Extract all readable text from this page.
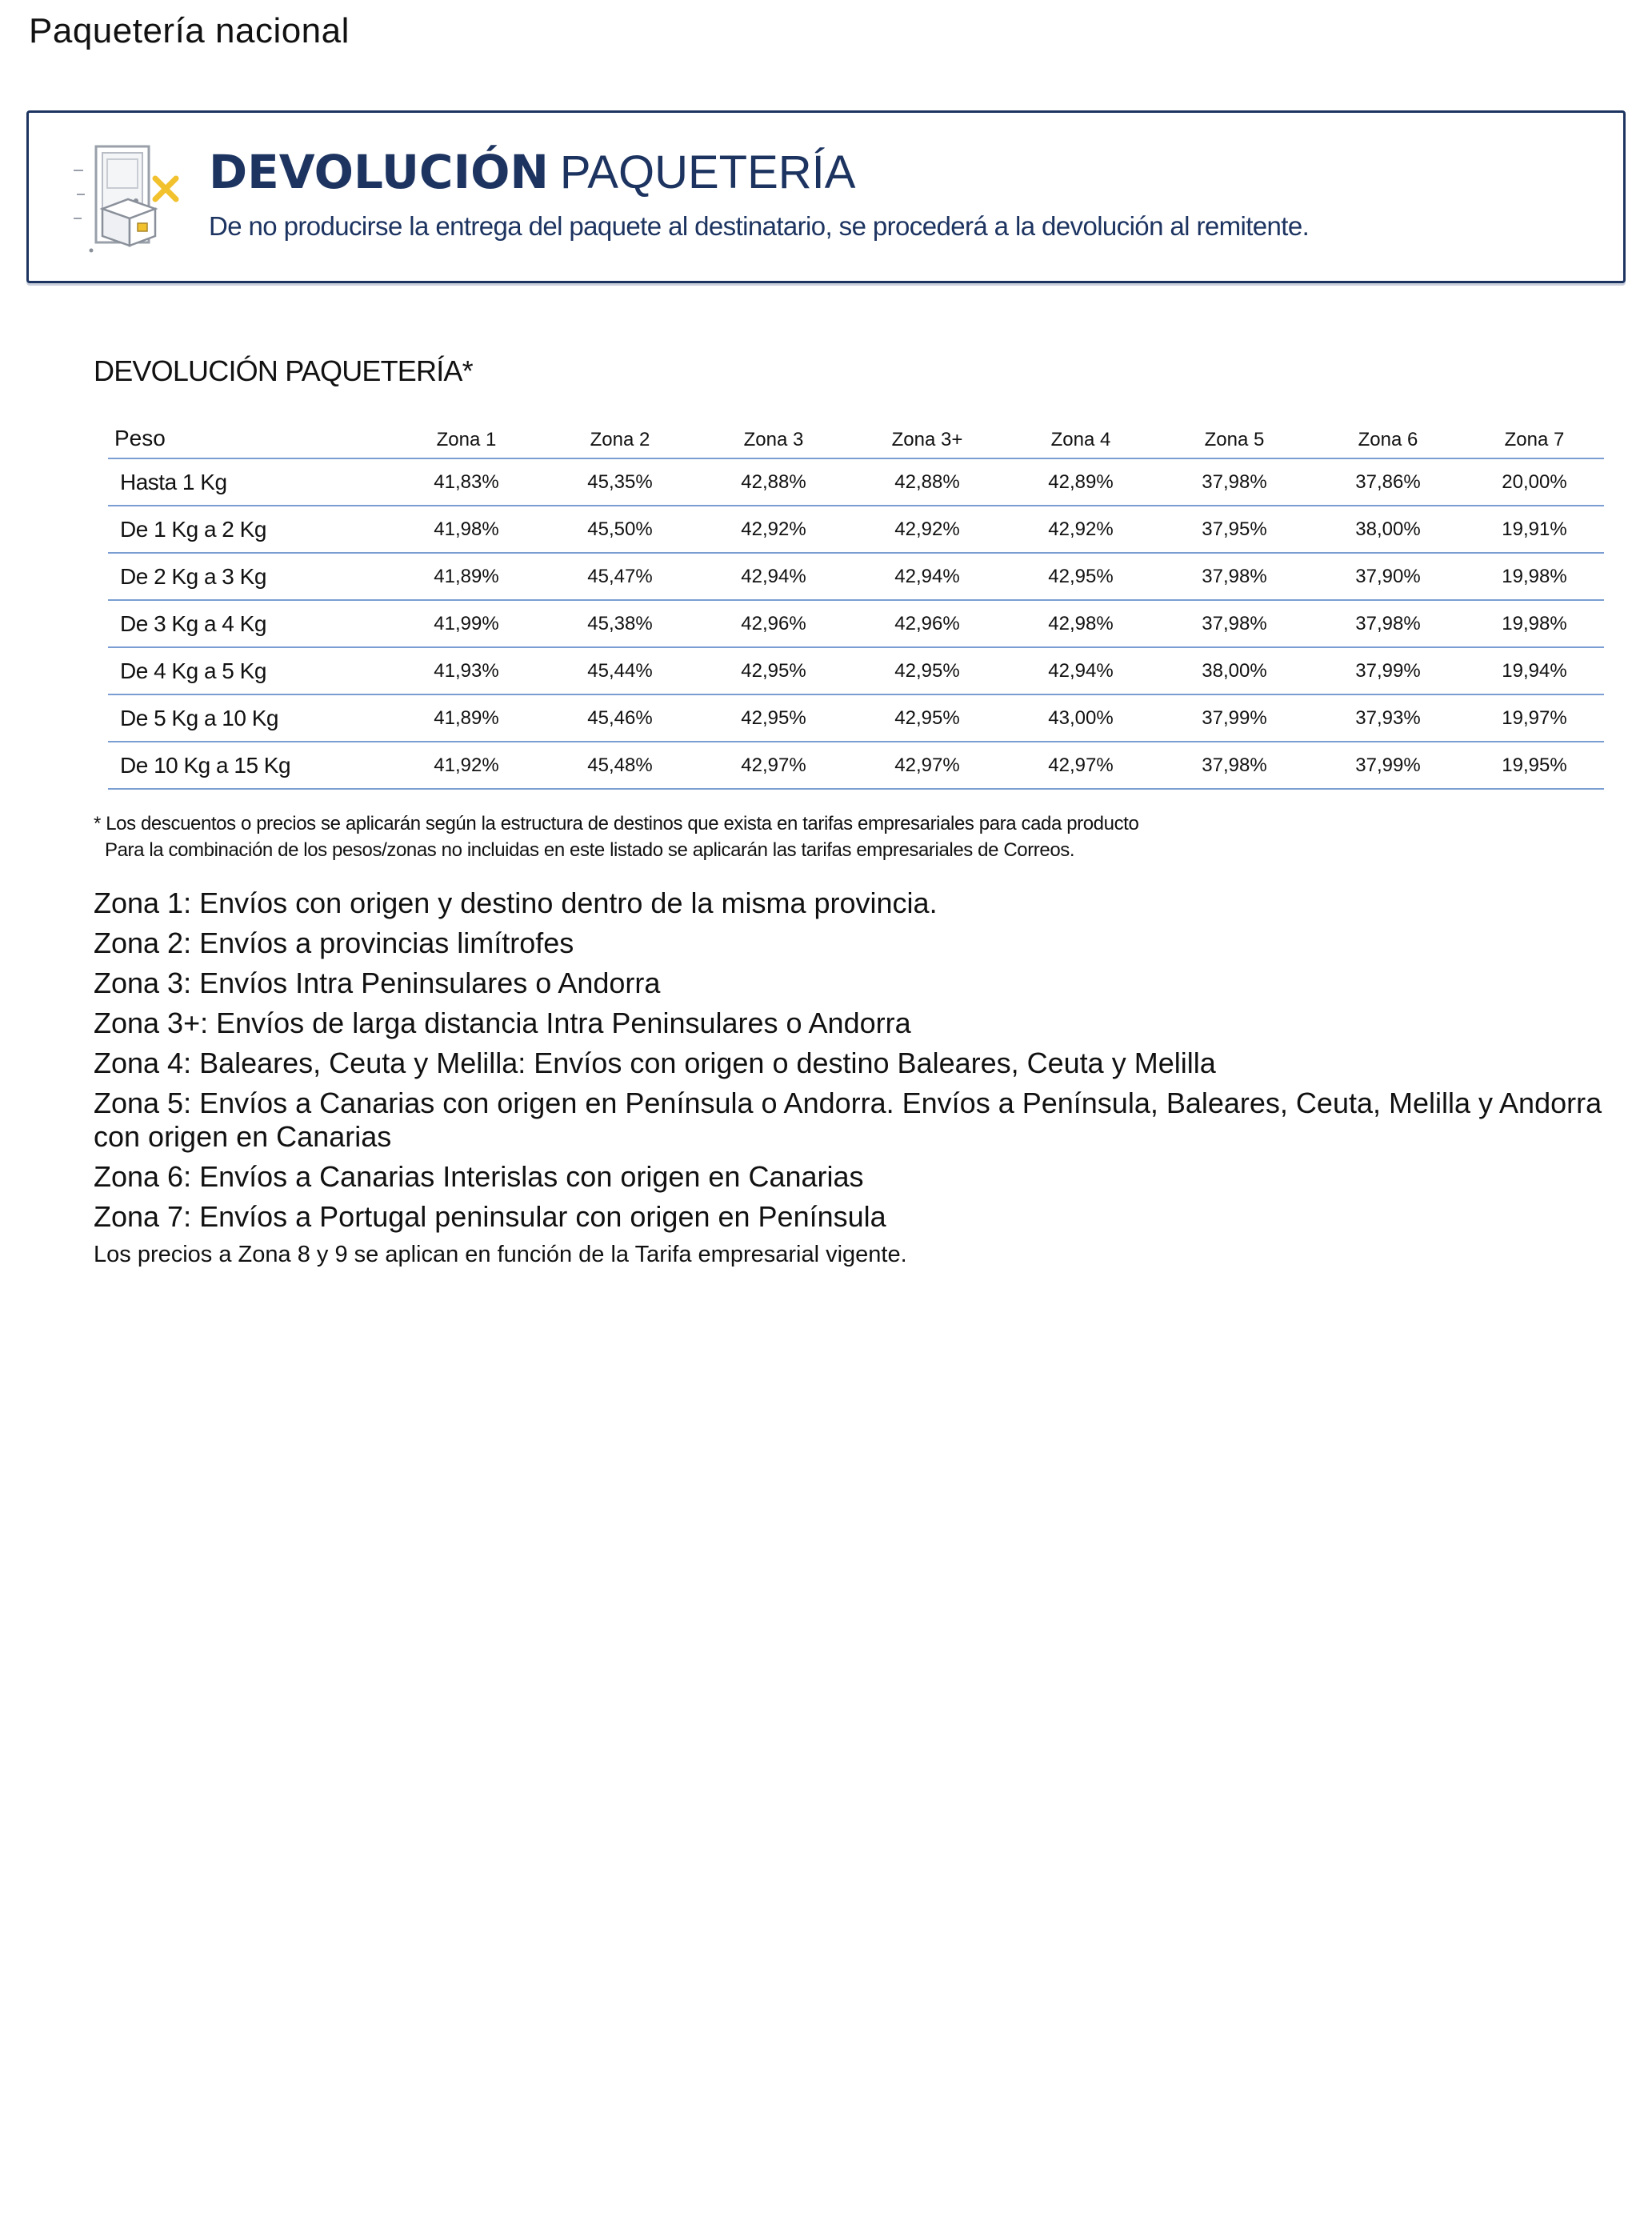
Paquetería nacional
DEVOLUCIÓN PAQUETERÍA
De no producirse la entrega del paquete al destinatario, se procederá a la devolución al remitente.
DEVOLUCIÓN PAQUETERÍA*
Peso	Zona 1	Zona 2	Zona 3	Zona 3+	Zona 4	Zona 5	Zona 6	Zona 7
Hasta 1 Kg	41,83%	45,35%	42,88%	42,88%	42,89%	37,98%	37,86%	20,00%
De 1 Kg a 2 Kg	41,98%	45,50%	42,92%	42,92%	42,92%	37,95%	38,00%	19,91%
De 2 Kg a 3 Kg	41,89%	45,47%	42,94%	42,94%	42,95%	37,98%	37,90%	19,98%
De 3 Kg a 4 Kg	41,99%	45,38%	42,96%	42,96%	42,98%	37,98%	37,98%	19,98%
De 4 Kg a 5 Kg	41,93%	45,44%	42,95%	42,95%	42,94%	38,00%	37,99%	19,94%
De 5 Kg a 10 Kg	41,89%	45,46%	42,95%	42,95%	43,00%	37,99%	37,93%	19,97%
De 10 Kg a 15 Kg	41,92%	45,48%	42,97%	42,97%	42,97%	37,98%	37,99%	19,95%
* Los descuentos o precios se aplicarán según la estructura de destinos que exista en tarifas empresariales para cada producto
Para la combinación de los pesos/zonas no incluidas en este listado se aplicarán las tarifas empresariales de Correos.
Zona 1: Envíos con origen y destino dentro de la misma provincia.
Zona 2: Envíos a provincias limítrofes
Zona 3: Envíos Intra Peninsulares o Andorra
Zona 3+: Envíos de larga distancia Intra Peninsulares o Andorra
Zona 4: Baleares, Ceuta y Melilla: Envíos con origen o destino Baleares, Ceuta y Melilla
Zona 5: Envíos a Canarias con origen en Península o Andorra. Envíos a Península, Baleares, Ceuta, Melilla y Andorra con origen en Canarias
Zona 6: Envíos a Canarias Interislas con origen en Canarias
Zona 7: Envíos a Portugal peninsular con origen en Península
Los precios a Zona 8 y 9 se aplican en función de la Tarifa empresarial vigente.
